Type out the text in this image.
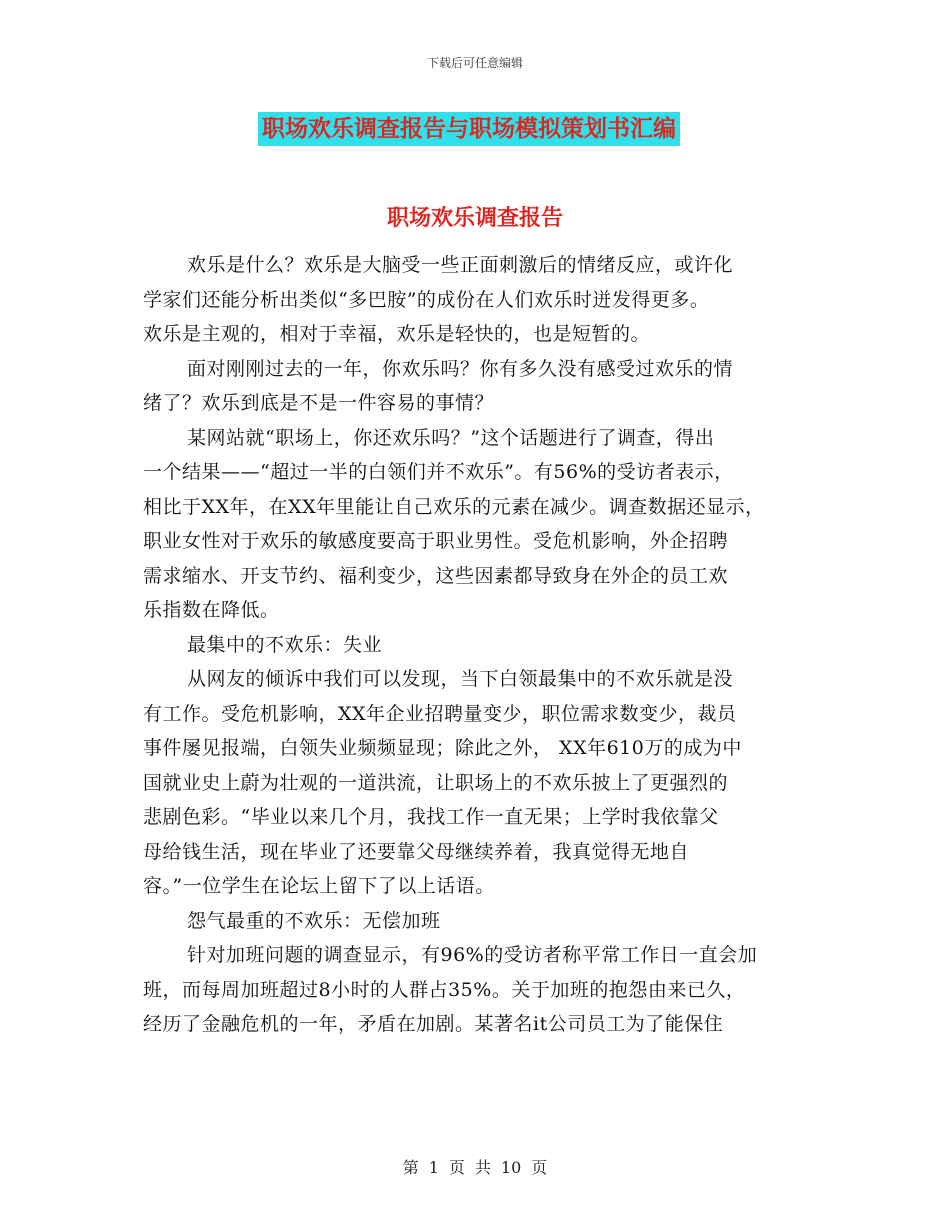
下载后可任意编辑
职场欢乐调查报告与职场模拟策划书汇编
职场欢乐调查报告

欢乐是什么？欢乐是大脑受一些正面刺激后的情绪反应，或许化

学家们还能分析出类似“多巴胺”的成份在人们欢乐时迸发得更多。

欢乐是主观的，相对于幸福，欢乐是轻快的，也是短暂的。

面对刚刚过去的一年，你欢乐吗？你有多久没有感受过欢乐的情

绪了？欢乐到底是不是一件容易的事情？

某网站就“职场上，你还欢乐吗？”这个话题进行了调查，得出

一个结果——“超过一半的白领们并不欢乐”。有56%的受访者表示，

相比于XX年，在XX年里能让自己欢乐的元素在减少。调查数据还显示，

职业女性对于欢乐的敏感度要高于职业男性。受危机影响，外企招聘

需求缩水、开支节约、福利变少，这些因素都导致身在外企的员工欢

乐指数在降低。

最集中的不欢乐：失业

从网友的倾诉中我们可以发现，当下白领最集中的不欢乐就是没

有工作。受危机影响，XX年企业招聘量变少，职位需求数变少，裁员

事件屡见报端，白领失业频频显现；除此之外， XX年610万的成为中

国就业史上蔚为壮观的一道洪流，让职场上的不欢乐披上了更强烈的

悲剧色彩。“毕业以来几个月，我找工作一直无果；上学时我依靠父

母给钱生活，现在毕业了还要靠父母继续养着，我真觉得无地自

容。”一位学生在论坛上留下了以上话语。

怨气最重的不欢乐：无偿加班

针对加班问题的调查显示，有96%的受访者称平常工作日一直会加

班，而每周加班超过8小时的人群占35%。关于加班的抱怨由来已久，

经历了金融危机的一年，矛盾在加剧。某著名it公司员工为了能保住

第 1 页 共 10 页
